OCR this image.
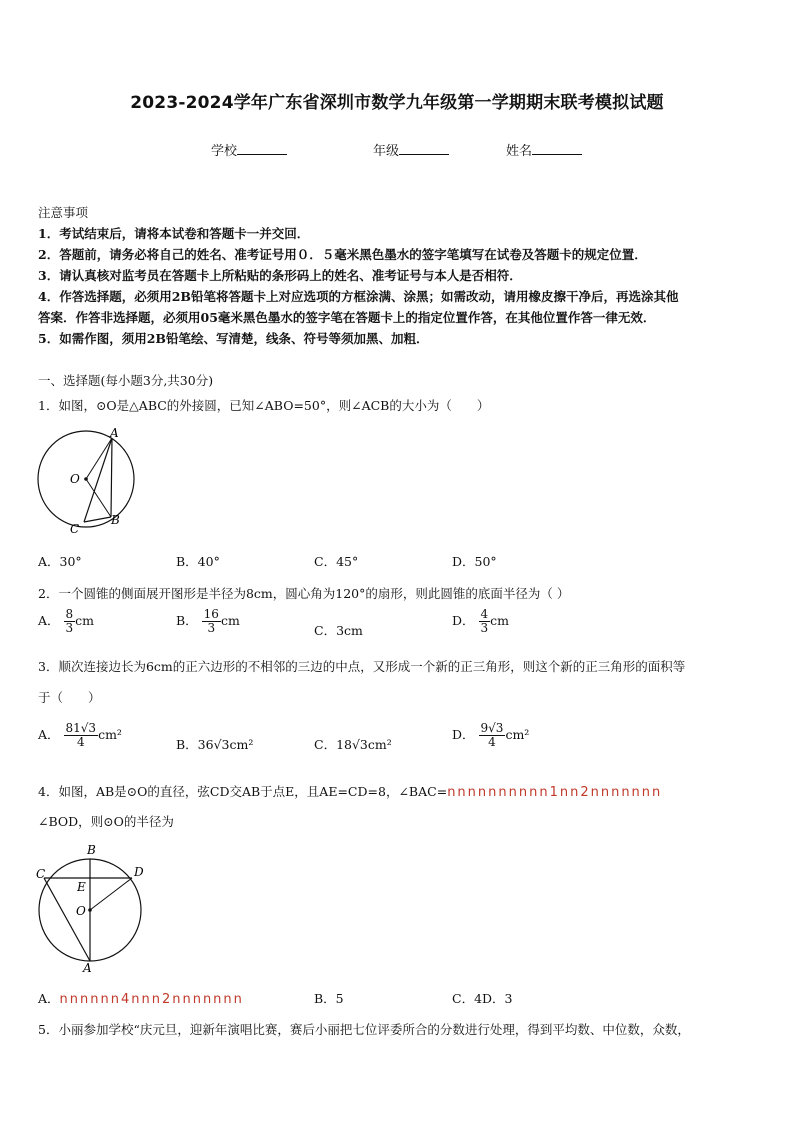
2023-2024学年广东省深圳市数学九年级第一学期期末联考模拟试题
学校	年级	姓名
注意事项
1．考试结束后，请将本试卷和答题卡一并交回．
2．答题前，请务必将自己的姓名、准考证号用０．５毫米黑色墨水的签字笔填写在试卷及答题卡的规定位置．
3．请认真核对监考员在答题卡上所粘贴的条形码上的姓名、准考证号与本人是否相符．
4．作答选择题，必须用2B铅笔将答题卡上对应选项的方框涂满、涂黑；如需改动，请用橡皮擦干净后，再选涂其他
答案．作答非选择题，必须用05毫米黑色墨水的签字笔在答题卡上的指定位置作答，在其他位置作答一律无效．
5．如需作图，须用2B铅笔绘、写清楚，线条、符号等须加黑、加粗．
一、选择题(每小题3分,共30分)
1．如图，⊙O是△ABC的外接圆，已知∠ABO=50°，则∠ACB的大小为（　　）
A
O
C
B
A．30°	B．40°	C．45°	D．50°
2．一个圆锥的侧面展开图形是半径为8cm，圆心角为120°的扇形，则此圆锥的底面半径为（ ）
A． $\frac{8}{3}$ cm	B． $\frac{16}{3}$ cm
C．3cm
D． $\frac{4}{3}$ cm
3．顺次连接边长为6cm的正六边形的不相邻的三边的中点，又形成一个新的正三角形，则这个新的正三角形的面积等
于（　　）
A． $\frac{81√3}{4} cm^2$
B．36√3cm²	C．18√3cm²
D． $\frac{9√3}{4} cm^2$
4．如图，AB是⊙O的直径，弦CD交AB于点E，且AE=CD=8，∠BAC=nnnnnnnnnn1nn2nnnnnnn
∠BOD，则⊙O的半径为
B
C	D
E
O
A
A．nnnnnn4nnn2nnnnnnn	B．5	C．4D．3
5．小丽参加学校“庆元旦，迎新年演唱比赛，赛后小丽把七位评委所合的分数进行处理，得到平均数、中位数，众数，
